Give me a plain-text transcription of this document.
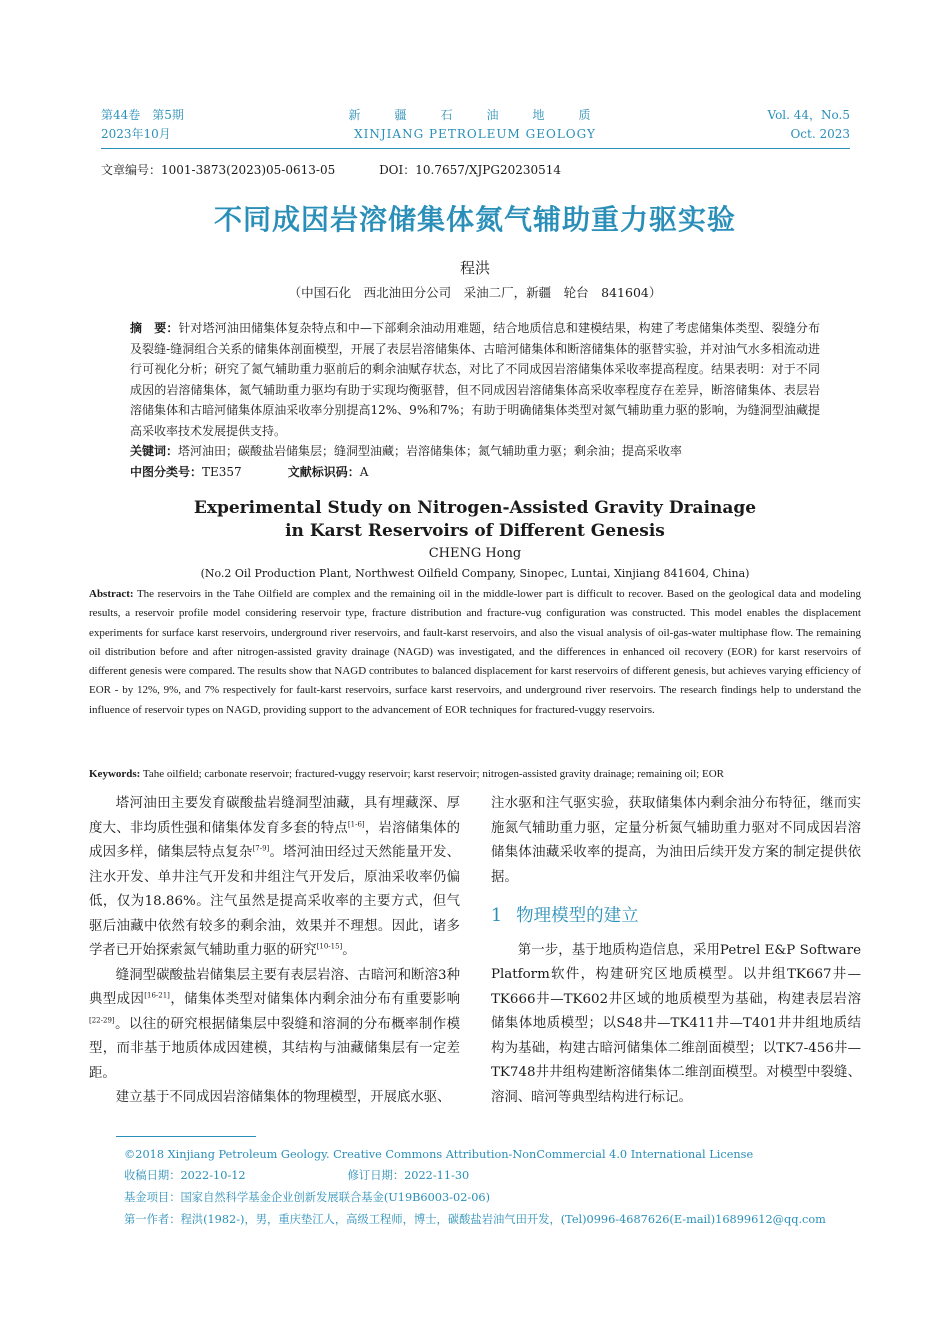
第44卷　第5期
2023年10月
新　疆　石　油　地　质
XINJIANG PETROLEUM GEOLOGY
Vol. 44，No.5
Oct. 2023
文章编号：1001-3873(2023)05-0613-05	DOI：10.7657/XJPG20230514
不同成因岩溶储集体氮气辅助重力驱实验
程洪
（中国石化　西北油田分公司　采油二厂，新疆　轮台　841604）
摘　要：针对塔河油田储集体复杂特点和中—下部剩余油动用难题，结合地质信息和建模结果，构建了考虑储集体类型、裂缝分布及裂缝-缝洞组合关系的储集体剖面模型，开展了表层岩溶储集体、古暗河储集体和断溶储集体的驱替实验，并对油气水多相流动进行可视化分析；研究了氮气辅助重力驱前后的剩余油赋存状态，对比了不同成因岩溶储集体采收率提高程度。结果表明：对于不同成因的岩溶储集体，氮气辅助重力驱均有助于实现均衡驱替，但不同成因岩溶储集体高采收率程度存在差异，断溶储集体、表层岩溶储集体和古暗河储集体原油采收率分别提高12%、9%和7%；有助于明确储集体类型对氮气辅助重力驱的影响，为缝洞型油藏提高采收率技术发展提供支持。
关键词：塔河油田；碳酸盐岩储集层；缝洞型油藏；岩溶储集体；氮气辅助重力驱；剩余油；提高采收率
中图分类号：TE357	文献标识码：A
Experimental Study on Nitrogen-Assisted Gravity Drainage
in Karst Reservoirs of Different Genesis
CHENG Hong
(No.2 Oil Production Plant, Northwest Oilfield Company, Sinopec, Luntai, Xinjiang 841604, China)
Abstract: The reservoirs in the Tahe Oilfield are complex and the remaining oil in the middle-lower part is difficult to recover. Based on the geological data and modeling results, a reservoir profile model considering reservoir type, fracture distribution and fracture-vug configuration was constructed. This model enables the displacement experiments for surface karst reservoirs, underground river reservoirs, and fault-karst reservoirs, and also the visual analysis of oil-gas-water multiphase flow. The remaining oil distribution before and after nitrogen-assisted gravity drainage (NAGD) was investigated, and the differences in enhanced oil recovery (EOR) for karst reservoirs of different genesis were compared. The results show that NAGD contributes to balanced displacement for karst reservoirs of different genesis, but achieves varying efficiency of EOR - by 12%, 9%, and 7% respectively for fault-karst reservoirs, surface karst reservoirs, and underground river reservoirs. The research findings help to understand the influence of reservoir types on NAGD, providing support to the advancement of EOR techniques for fractured-vuggy reservoirs.
Keywords: Tahe oilfield; carbonate reservoir; fractured-vuggy reservoir; karst reservoir; nitrogen-assisted gravity drainage; remaining oil; EOR

塔河油田主要发育碳酸盐岩缝洞型油藏，具有埋藏深、厚度大、非均质性强和储集体发育多套的特点[1-6]，岩溶储集体的成因多样，储集层特点复杂[7-9]。塔河油田经过天然能量开发、注水开发、单井注气开发和井组注气开发后，原油采收率仍偏低，仅为18.86%。注气虽然是提高采收率的主要方式，但气驱后油藏中依然有较多的剩余油，效果并不理想。因此，诸多学者已开始探索氮气辅助重力驱的研究[10-15]。

缝洞型碳酸盐岩储集层主要有表层岩溶、古暗河和断溶3种典型成因[16-21]，储集体类型对储集体内剩余油分布有重要影响[22-29]。以往的研究根据储集层中裂缝和溶洞的分布概率制作模型，而非基于地质体成因建模，其结构与油藏储集层有一定差距。

建立基于不同成因岩溶储集体的物理模型，开展底水驱、

注水驱和注气驱实验，获取储集体内剩余油分布特征，继而实施氮气辅助重力驱，定量分析氮气辅助重力驱对不同成因岩溶储集体油藏采收率的提高，为油田后续开发方案的制定提供依据。

1 物理模型的建立

第一步，基于地质构造信息，采用Petrel E&P Software Platform软件，构建研究区地质模型。以井组TK667井—TK666井—TK602井区域的地质模型为基础，构建表层岩溶储集体地质模型；以S48井—TK411井—T401井井组地质结构为基础，构建古暗河储集体二维剖面模型；以TK7-456井—TK748井井组构建断溶储集体二维剖面模型。对模型中裂缝、溶洞、暗河等典型结构进行标记。

©2018 Xinjiang Petroleum Geology. Creative Commons Attribution-NonCommercial 4.0 International License
收稿日期：2022-10-12	修订日期：2022-11-30
基金项目：国家自然科学基金企业创新发展联合基金(U19B6003-02-06)
第一作者：程洪(1982-)，男，重庆垫江人，高级工程师，博士，碳酸盐岩油气田开发，(Tel)0996-4687626(E-mail)16899612@qq.com
